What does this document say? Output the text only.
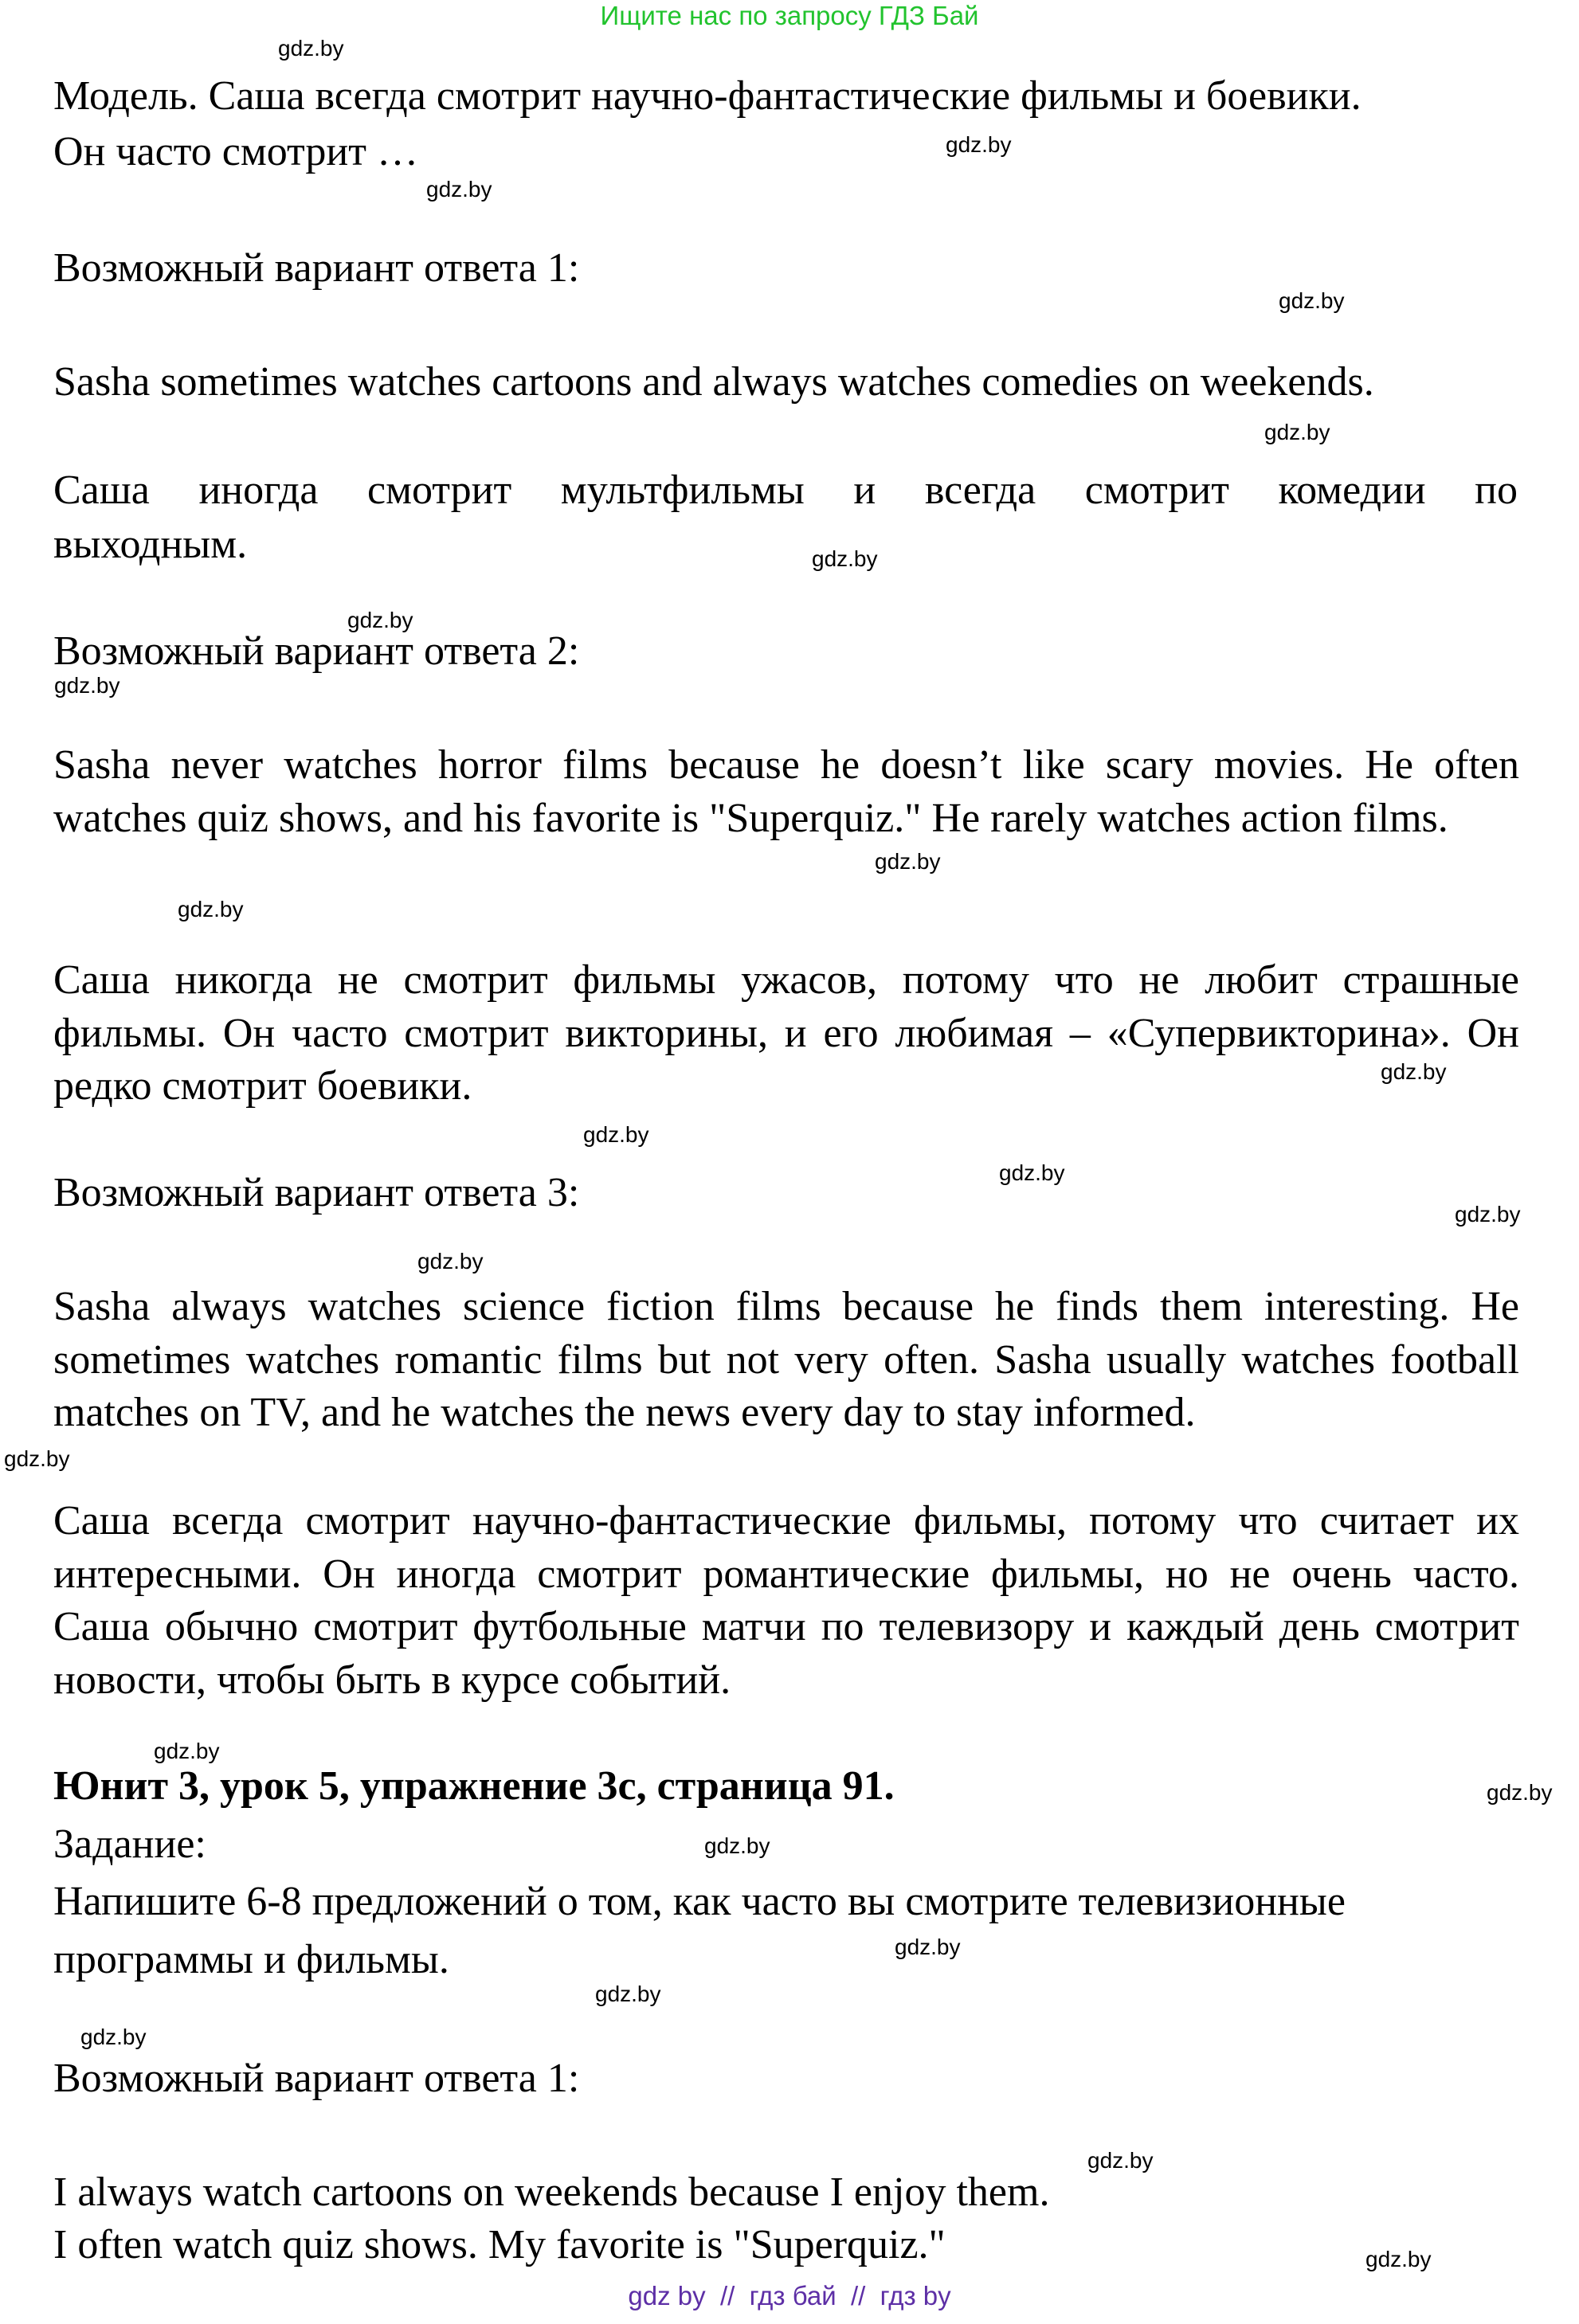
Ищите нас по запросу ГДЗ Бай
Модель. Саша всегда смотрит научно-фантастические фильмы и боевики.
Он часто смотрит …
Возможный вариант ответа 1:
Sasha sometimes watches cartoons and always watches comedies on weekends.
Саша иногда смотрит мультфильмы и всегда смотрит комедии по
выходным.
Возможный вариант ответа 2:
Sasha never watches horror films because he doesn’t like scary movies. He often watches quiz shows, and his favorite is "Superquiz." He rarely watches action films.
Саша никогда не смотрит фильмы ужасов, потому что не любит страшные фильмы. Он часто смотрит викторины, и его любимая – «Супервикторина». Он редко смотрит боевики.
Возможный вариант ответа 3:
Sasha always watches science fiction films because he finds them interesting. He sometimes watches romantic films but not very often. Sasha usually watches football matches on TV, and he watches the news every day to stay informed.
Саша всегда смотрит научно-фантастические фильмы, потому что считает их интересными. Он иногда смотрит романтические фильмы, но не очень часто. Саша обычно смотрит футбольные матчи по телевизору и каждый день смотрит новости, чтобы быть в курсе событий.
Юнит 3, урок 5, упражнение 3с, страница 91.
Задание:
Напишите 6-8 предложений о том, как часто вы смотрите телевизионные
программы и фильмы.
Возможный вариант ответа 1:
I always watch cartoons on weekends because I enjoy them.
I often watch quiz shows. My favorite is "Superquiz."
gdz.by
gdz.by
gdz.by
gdz.by
gdz.by
gdz.by
gdz.by
gdz.by
gdz.by
gdz.by
gdz.by
gdz.by
gdz.by
gdz.by
gdz.by
gdz.by
gdz.by
gdz.by
gdz.by
gdz.by
gdz.by
gdz.by
gdz.by
gdz.by
gdz by  //  гдз бай  //  гдз by
